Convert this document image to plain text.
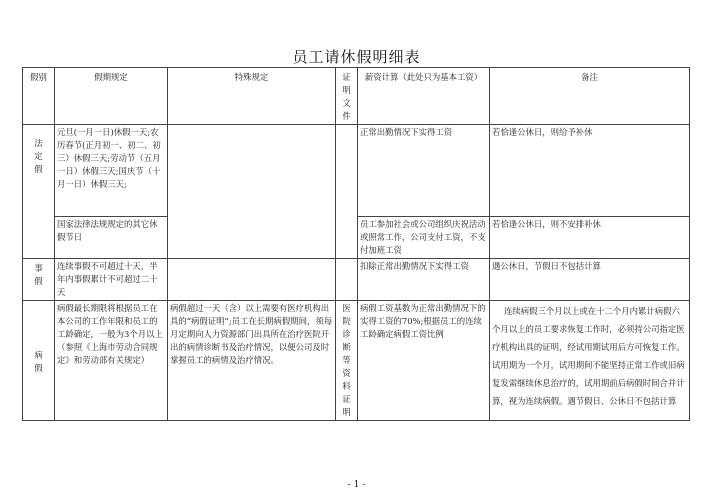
员工请休假明细表
假别	假期规定	特殊规定	证明文件	薪资计算（此处只为基本工资）	备注
法定假	元旦(一月一日)休假一天;农历春节(正月初一、初二、初三）休假三天;劳动节（五月一日）休假三天;国庆节（十月一日）休假三天;			正常出勤情况下实得工资	若恰逢公休日，则给予补休
	国家法律法规规定的其它休假节日			员工参加社会或公司组织庆祝活动或照常工作，公司支付工资，不支付加班工资	若恰逢公休日，则不安排补休
事假	连续事假不可超过十天，半年内事假累计不可超过二十天			扣除正常出勤情况下实得工资	遇公休日，节假日不包括计算
病假	病假最长期限将根据员工在本公司的工作年限和员工的工龄确定，一般为3个月以上（参照《上海市劳动合同规定》和劳动部有关规定）	病假超过一天（含）以上需要有医疗机构出具的“病假证明”;员工在长期病假期间，须每月定期向人力资源部门出具所在治疗医院开出的病情诊断书及治疗情况，以便公司及时掌握员工的病情及治疗情况。	医院诊断等资料证明	病假工资基数为正常出勤情况下的实得工资的70%;根据员工的连续工龄确定病假工资比例	连续病假三个月以上或在十二个月内累计病假六个月以上的员工要求恢复工作时，必须持公司指定医疗机构出具的证明，经试用期试用后方可恢复工作。试用期为一个月，试用期间不能坚持正常工作或旧病复发需继续休息治疗的，试用期前后病假时间合并计算，视为连续病假。遇节假日、公休日不包括计算
- 1 -
